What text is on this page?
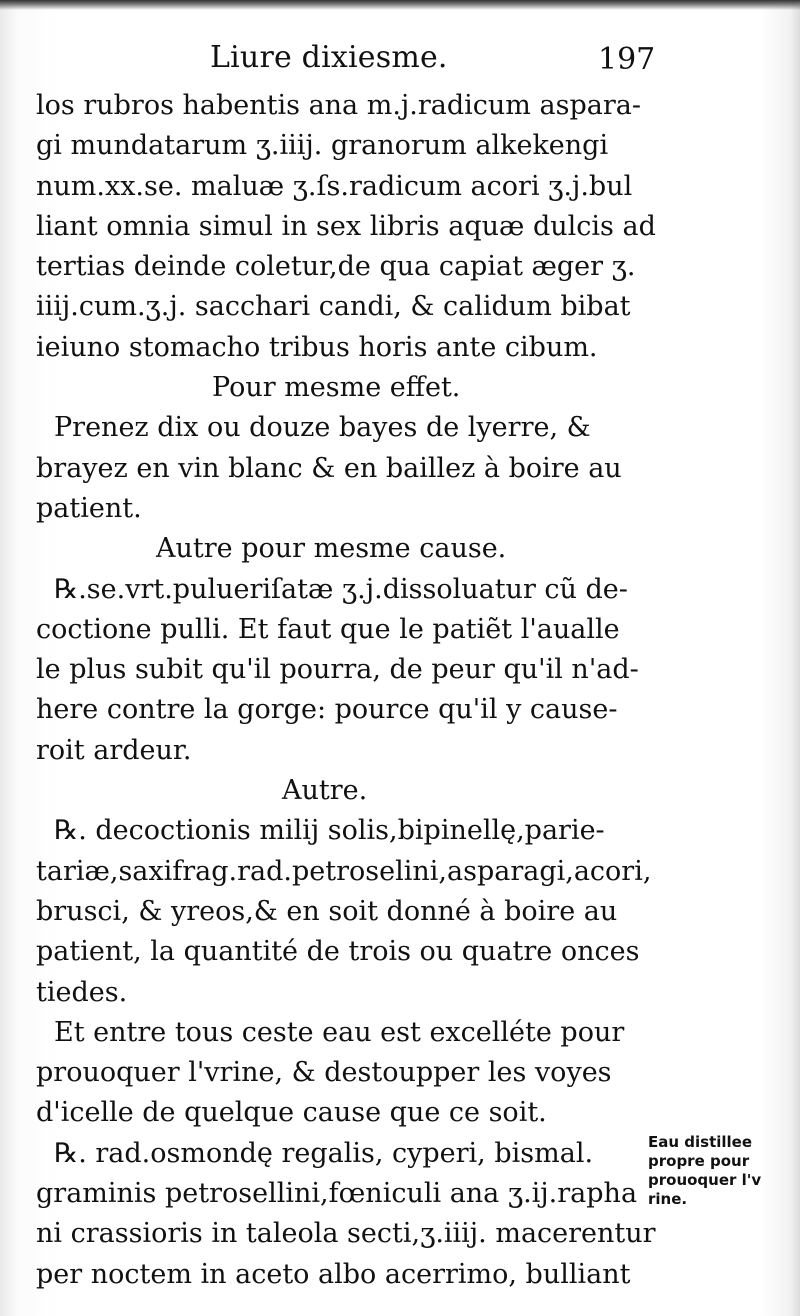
Liure dixiesme.	197
los rubros habentis ana m.j.radicum aspara-
gi mundatarum ʒ.iiij. granorum alkekengi
num.xx.se. maluæ ʒ.ſs.radicum acori ʒ.j.bul
liant omnia simul in sex libris aquæ dulcis ad
tertias deinde coletur,de qua capiat æger ʒ.
iiij.cum.ʒ.j. sacchari candi, & calidum bibat
ieiuno stomacho tribus horis ante cibum.
Pour mesme effet.
Prenez dix ou douze bayes de lyerre, &
brayez en vin blanc & en baillez à boire au
patient.
Autre pour mesme cause.
℞.se.vrt.pulueriſatæ ʒ.j.dissoluatur cũ de-
coctione pulli. Et faut que le patiẽt l'aualle
le plus subit qu'il pourra, de peur qu'il n'ad-
here contre la gorge: pource qu'il y cause-
roit ardeur.
Autre.
℞. decoctionis milij solis,bipinellę,parie-
tariæ,saxifrag.rad.petroselini,asparagi,acori,
brusci, & yreos,& en soit donné à boire au
patient, la quantité de trois ou quatre onces
tiedes.
Et entre tous ceste eau est excelléte pour
prouoquer l'vrine, & destoupper les voyes
d'icelle de quelque cause que ce soit.
℞. rad.osmondę regalis, cyperi, bismal.
graminis petrosellini,fœniculi ana ʒ.ij.rapha
ni crassioris in taleola secti,ʒ.iiij. macerentur
per noctem in aceto albo acerrimo, bulliant
Eau distillee
propre pour
prouoquer l'v
rine.
